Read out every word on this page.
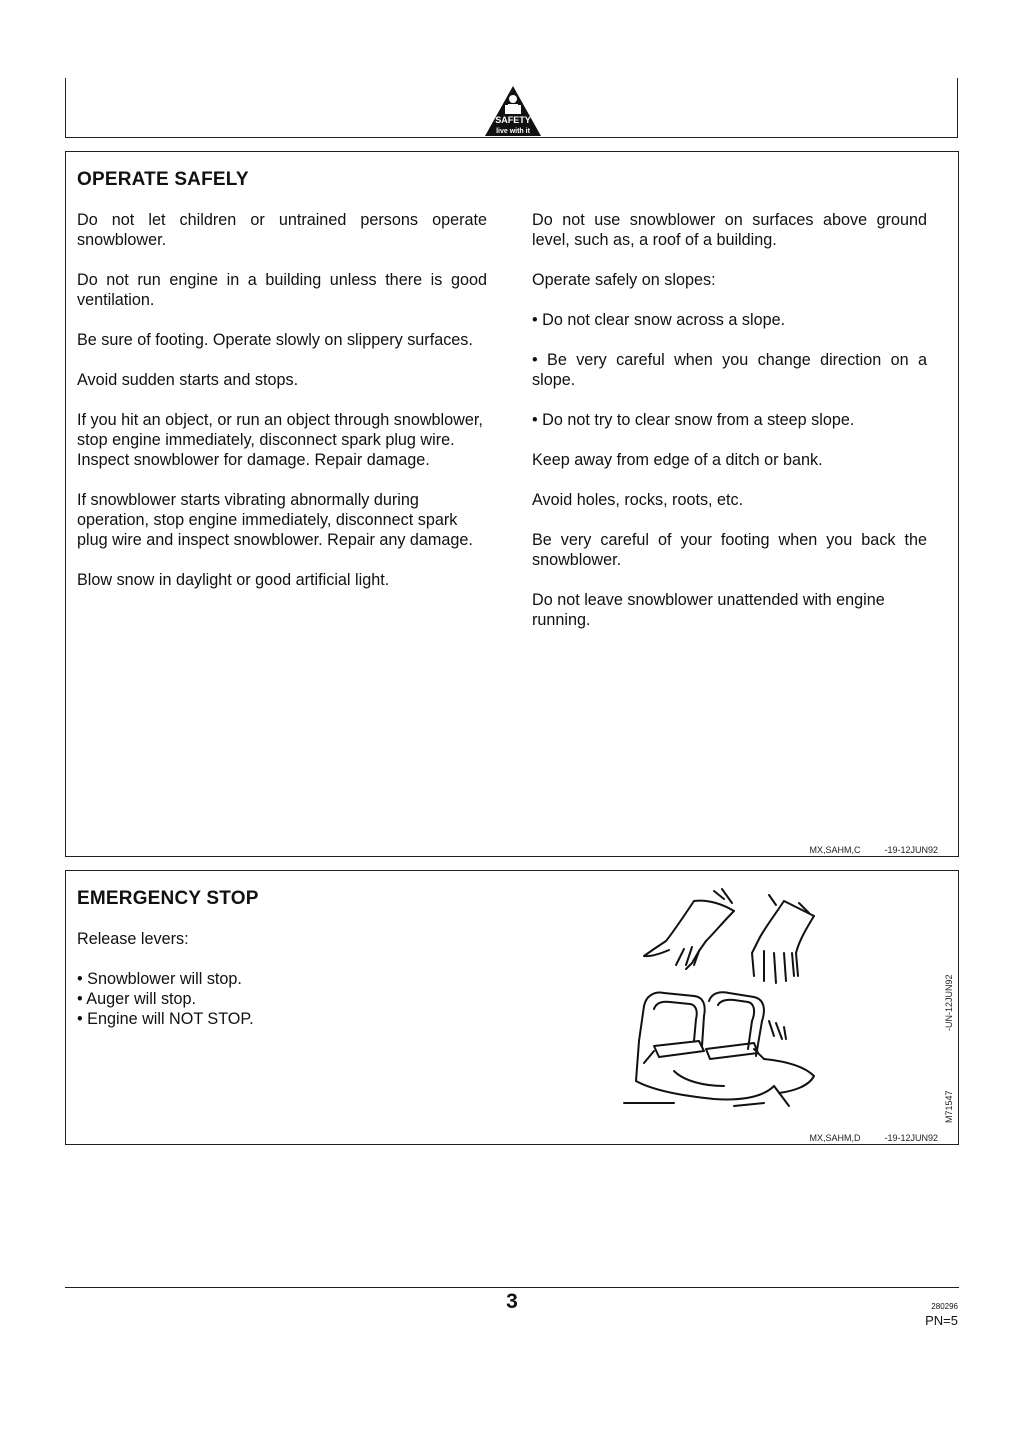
SAFETY
live with it
OPERATE SAFELY

Do not let children or untrained persons operate snowblower.

Do not run engine in a building unless there is good ventilation.

Be sure of footing. Operate slowly on slippery surfaces.

Avoid sudden starts and stops.

If you hit an object, or run an object through snowblower, stop engine immediately, disconnect spark plug wire. Inspect snowblower for damage. Repair damage.

If snowblower starts vibrating abnormally during operation, stop engine immediately, disconnect spark plug wire and inspect snowblower. Repair any damage.

Blow snow in daylight or good artificial light.

Do not use snowblower on surfaces above ground level, such as, a roof of a building.

Operate safely on slopes:

• Do not clear snow across a slope.

• Be very careful when you change direction on a slope.

• Do not try to clear snow from a steep slope.

Keep away from edge of a ditch or bank.

Avoid holes, rocks, roots, etc.

Be very careful of your footing when you back the snowblower.

Do not leave snowblower unattended with engine running.

MX,SAHM,C	-19-12JUN92
EMERGENCY STOP

Release levers:

• Snowblower will stop.
• Auger will stop.
• Engine will NOT STOP.	-UN-12JUN92
M71547
MX,SAHM,D	-19-12JUN92
3	280296
PN=5
